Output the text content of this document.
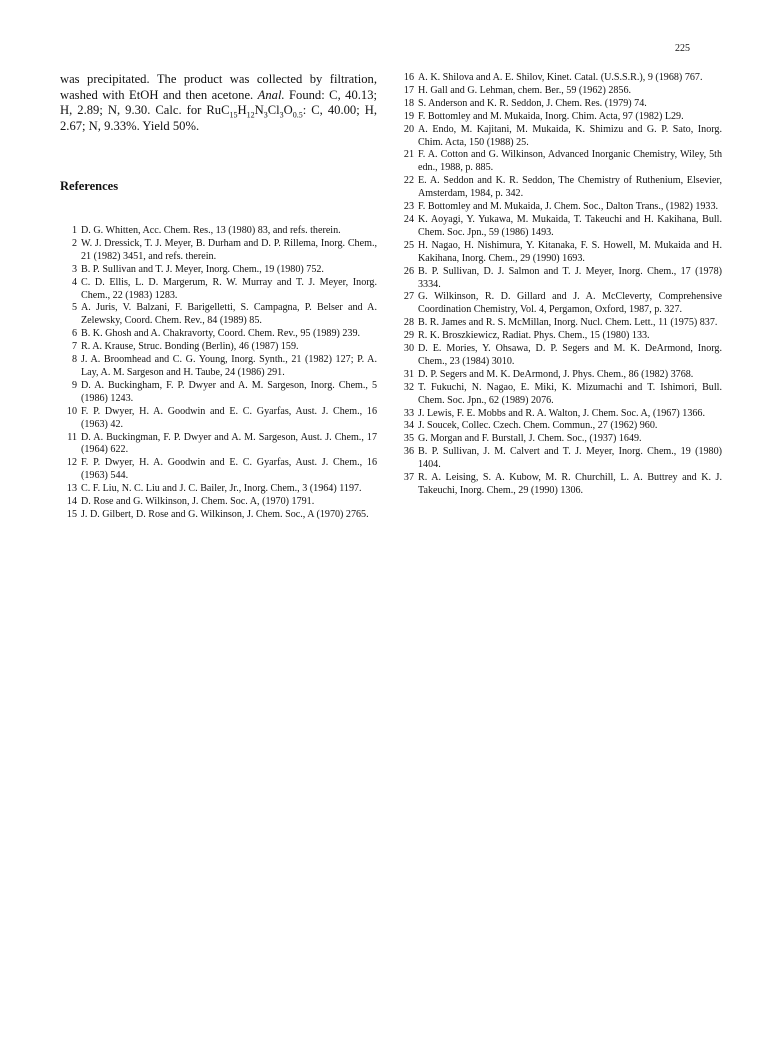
225

was precipitated. The product was collected by filtration, washed with EtOH and then acetone. Anal. Found: C, 40.13; H, 2.89; N, 9.30. Calc. for $RuC_{15}H_{12}N_3Cl_3O_{0.5}$: C, 40.00; H, 2.67; N, 9.33%. Yield 50%.

References
1 D. G. Whitten, Acc. Chem. Res., 13 (1980) 83, and refs. therein.
2 W. J. Dressick, T. J. Meyer, B. Durham and D. P. Rillema, Inorg. Chem., 21 (1982) 3451, and refs. therein.
3 B. P. Sullivan and T. J. Meyer, Inorg. Chem., 19 (1980) 752.
4 C. D. Ellis, L. D. Margerum, R. W. Murray and T. J. Meyer, Inorg. Chem., 22 (1983) 1283.
5 A. Juris, V. Balzani, F. Barigelletti, S. Campagna, P. Belser and A. Zelewsky, Coord. Chem. Rev., 84 (1989) 85.
6 B. K. Ghosh and A. Chakravorty, Coord. Chem. Rev., 95 (1989) 239.
7 R. A. Krause, Struc. Bonding (Berlin), 46 (1987) 159.
8 J. A. Broomhead and C. G. Young, Inorg. Synth., 21 (1982) 127; P. A. Lay, A. M. Sargeson and H. Taube, 24 (1986) 291.
9 D. A. Buckingham, F. P. Dwyer and A. M. Sargeson, Inorg. Chem., 5 (1986) 1243.
10 F. P. Dwyer, H. A. Goodwin and E. C. Gyarfas, Aust. J. Chem., 16 (1963) 42.
11 D. A. Buckingman, F. P. Dwyer and A. M. Sargeson, Aust. J. Chem., 17 (1964) 622.
12 F. P. Dwyer, H. A. Goodwin and E. C. Gyarfas, Aust. J. Chem., 16 (1963) 544.
13 C. F. Liu, N. C. Liu and J. C. Bailer, Jr., Inorg. Chem., 3 (1964) 1197.
14 D. Rose and G. Wilkinson, J. Chem. Soc. A, (1970) 1791.
15 J. D. Gilbert, D. Rose and G. Wilkinson, J. Chem. Soc., A (1970) 2765.
16 A. K. Shilova and A. E. Shilov, Kinet. Catal. (U.S.S.R.), 9 (1968) 767.
17 H. Gall and G. Lehman, chem. Ber., 59 (1962) 2856.
18 S. Anderson and K. R. Seddon, J. Chem. Res. (1979) 74.
19 F. Bottomley and M. Mukaida, Inorg. Chim. Acta, 97 (1982) L29.
20 A. Endo, M. Kajitani, M. Mukaida, K. Shimizu and G. P. Sato, Inorg. Chim. Acta, 150 (1988) 25.
21 F. A. Cotton and G. Wilkinson, Advanced Inorganic Chemistry, Wiley, 5th edn., 1988, p. 885.
22 E. A. Seddon and K. R. Seddon, The Chemistry of Ruthenium, Elsevier, Amsterdam, 1984, p. 342.
23 F. Bottomley and M. Mukaida, J. Chem. Soc., Dalton Trans., (1982) 1933.
24 K. Aoyagi, Y. Yukawa, M. Mukaida, T. Takeuchi and H. Kakihana, Bull. Chem. Soc. Jpn., 59 (1986) 1493.
25 H. Nagao, H. Nishimura, Y. Kitanaka, F. S. Howell, M. Mukaida and H. Kakihana, Inorg. Chem., 29 (1990) 1693.
26 B. P. Sullivan, D. J. Salmon and T. J. Meyer, Inorg. Chem., 17 (1978) 3334.
27 G. Wilkinson, R. D. Gillard and J. A. McCleverty, Comprehensive Coordination Chemistry, Vol. 4, Pergamon, Oxford, 1987, p. 327.
28 B. R. James and R. S. McMillan, Inorg. Nucl. Chem. Lett., 11 (1975) 837.
29 R. K. Broszkiewicz, Radiat. Phys. Chem., 15 (1980) 133.
30 D. E. Mories, Y. Ohsawa, D. P. Segers and M. K. DeArmond, Inorg. Chem., 23 (1984) 3010.
31 D. P. Segers and M. K. DeArmond, J. Phys. Chem., 86 (1982) 3768.
32 T. Fukuchi, N. Nagao, E. Miki, K. Mizumachi and T. Ishimori, Bull. Chem. Soc. Jpn., 62 (1989) 2076.
33 J. Lewis, F. E. Mobbs and R. A. Walton, J. Chem. Soc. A, (1967) 1366.
34 J. Soucek, Collec. Czech. Chem. Commun., 27 (1962) 960.
35 G. Morgan and F. Burstall, J. Chem. Soc., (1937) 1649.
36 B. P. Sullivan, J. M. Calvert and T. J. Meyer, Inorg. Chem., 19 (1980) 1404.
37 R. A. Leising, S. A. Kubow, M. R. Churchill, L. A. Buttrey and K. J. Takeuchi, Inorg. Chem., 29 (1990) 1306.
